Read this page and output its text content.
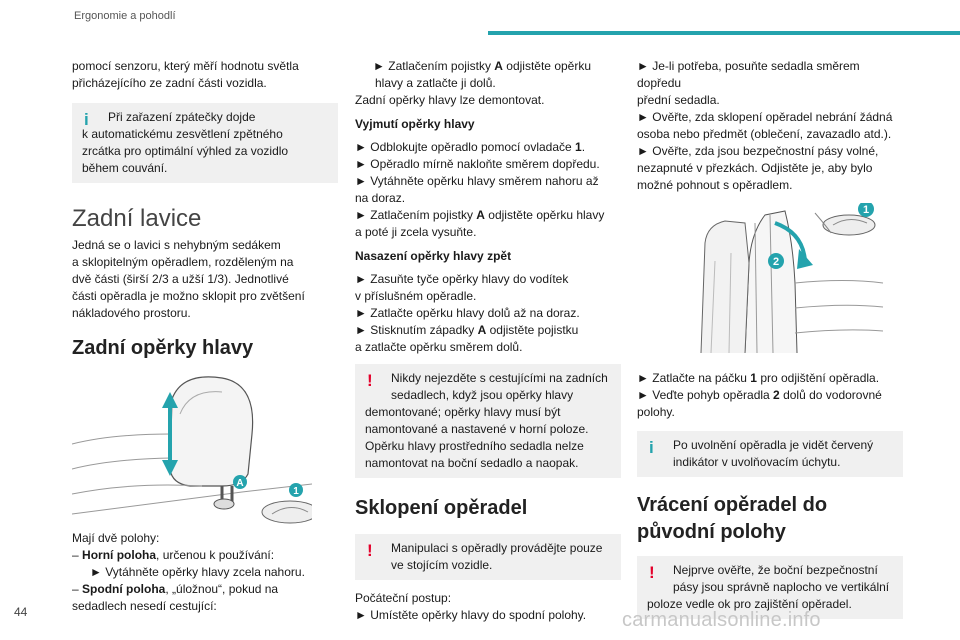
Ergonomie a pohodlí

pomocí senzoru, který měří hodnotu světla

přicházejícího ze zadní části vozidla.

i Při zařazení zpátečky dojde

k automatickému zesvětlení zpětného

zrcátka pro optimální výhled za vozidlo

během couvání.

Zadní lavice

Jedná se o lavici s nehybným sedákem

a sklopitelným opěradlem, rozděleným na

dvě části (širší 2/3 a užší 1/3). Jednotlivé

části opěradla je možno sklopit pro zvětšení

nákladového prostoru.

Zadní opěrky hlavy
A
1

Mají dvě polohy:

– Horní poloha, určenou k používání:

► Vytáhněte opěrky hlavy zcela nahoru.

– Spodní poloha, „úložnou“, pokud na

sedadlech nesedí cestující:

► Zatlačením pojistky A odjistěte opěrku

hlavy a zatlačte ji dolů.

Zadní opěrky hlavy lze demontovat.

Vyjmutí opěrky hlavy

► Odblokujte opěradlo pomocí ovladače 1.

► Opěradlo mírně nakloňte směrem dopředu.

► Vytáhněte opěrku hlavy směrem nahoru až

na doraz.

► Zatlačením pojistky A odjistěte opěrku hlavy

a poté ji zcela vysuňte.

Nasazení opěrky hlavy zpět

► Zasuňte tyče opěrky hlavy do vodítek

v příslušném opěradle.

► Zatlačte opěrku hlavy dolů až na doraz.

► Stisknutím západky A odjistěte pojistku

a zatlačte opěrku směrem dolů.

! Nikdy nejezděte s cestujícími na zadních

sedadlech, když jsou opěrky hlavy

demontované; opěrky hlavy musí být

namontované a nastavené v horní poloze.

Opěrku hlavy prostředního sedadla nelze

namontovat na boční sedadlo a naopak.

Sklopení opěradel
! Manipulaci s opěradly provádějte pouze

ve stojícím vozidle.

Počáteční postup:

► Umístěte opěrky hlavy do spodní polohy.

► Je-li potřeba, posuňte sedadla směrem dopředu

přední sedadla.

► Ověřte, zda sklopení opěradel nebrání žádná

osoba nebo předmět (oblečení, zavazadlo atd.).

► Ověřte, zda jsou bezpečnostní pásy volné,

nezapnuté v přezkách. Odjistěte je, aby bylo

možné pohnout s opěradlem.

1
2

► Zatlačte na páčku 1 pro odjištění opěradla.

► Veďte pohyb opěradla 2 dolů do vodorovné

polohy.

i Po uvolnění opěradla je vidět červený

indikátor v uvolňovacím úchytu.

Vrácení opěradel do
původní polohy
! Nejprve ověřte, že boční bezpečnostní

pásy jsou správně naplocho ve vertikální

poloze vedle ok pro zajištění opěradel.

44	carmanualsonline.info
